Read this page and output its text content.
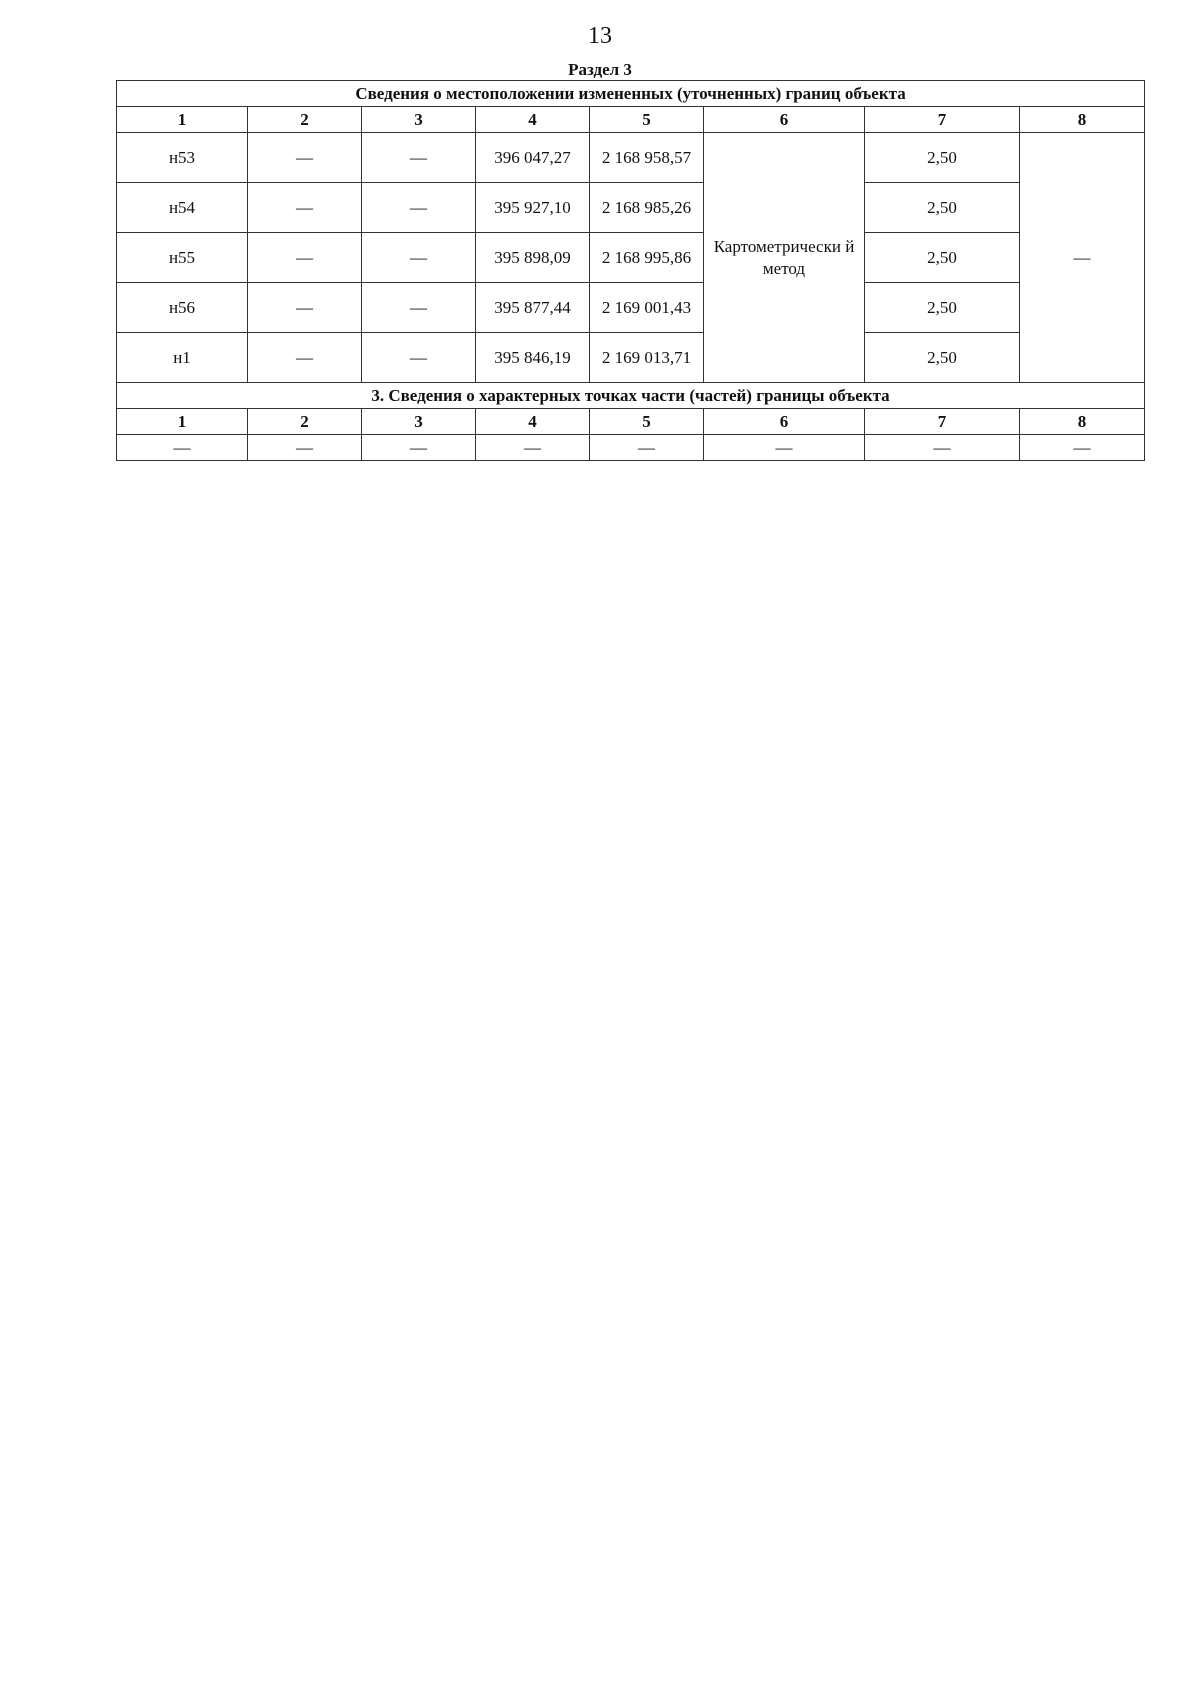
13
Раздел 3
Сведения о местоположении измененных (уточненных) границ объекта							
1	2	3	4	5	6	7	8
н53	—	—	396 047,27	2 168 958,57	Картометрически й метод	2,50	—
н54	—	—	395 927,10	2 168 985,26		2,50	
н55	—	—	395 898,09	2 168 995,86		2,50	
н56	—	—	395 877,44	2 169 001,43		2,50	
н1	—	—	395 846,19	2 169 013,71		2,50	
3. Сведения о характерных точках части (частей) границы объекта							
1	2	3	4	5	6	7	8
—	—	—	—	—	—	—	—
